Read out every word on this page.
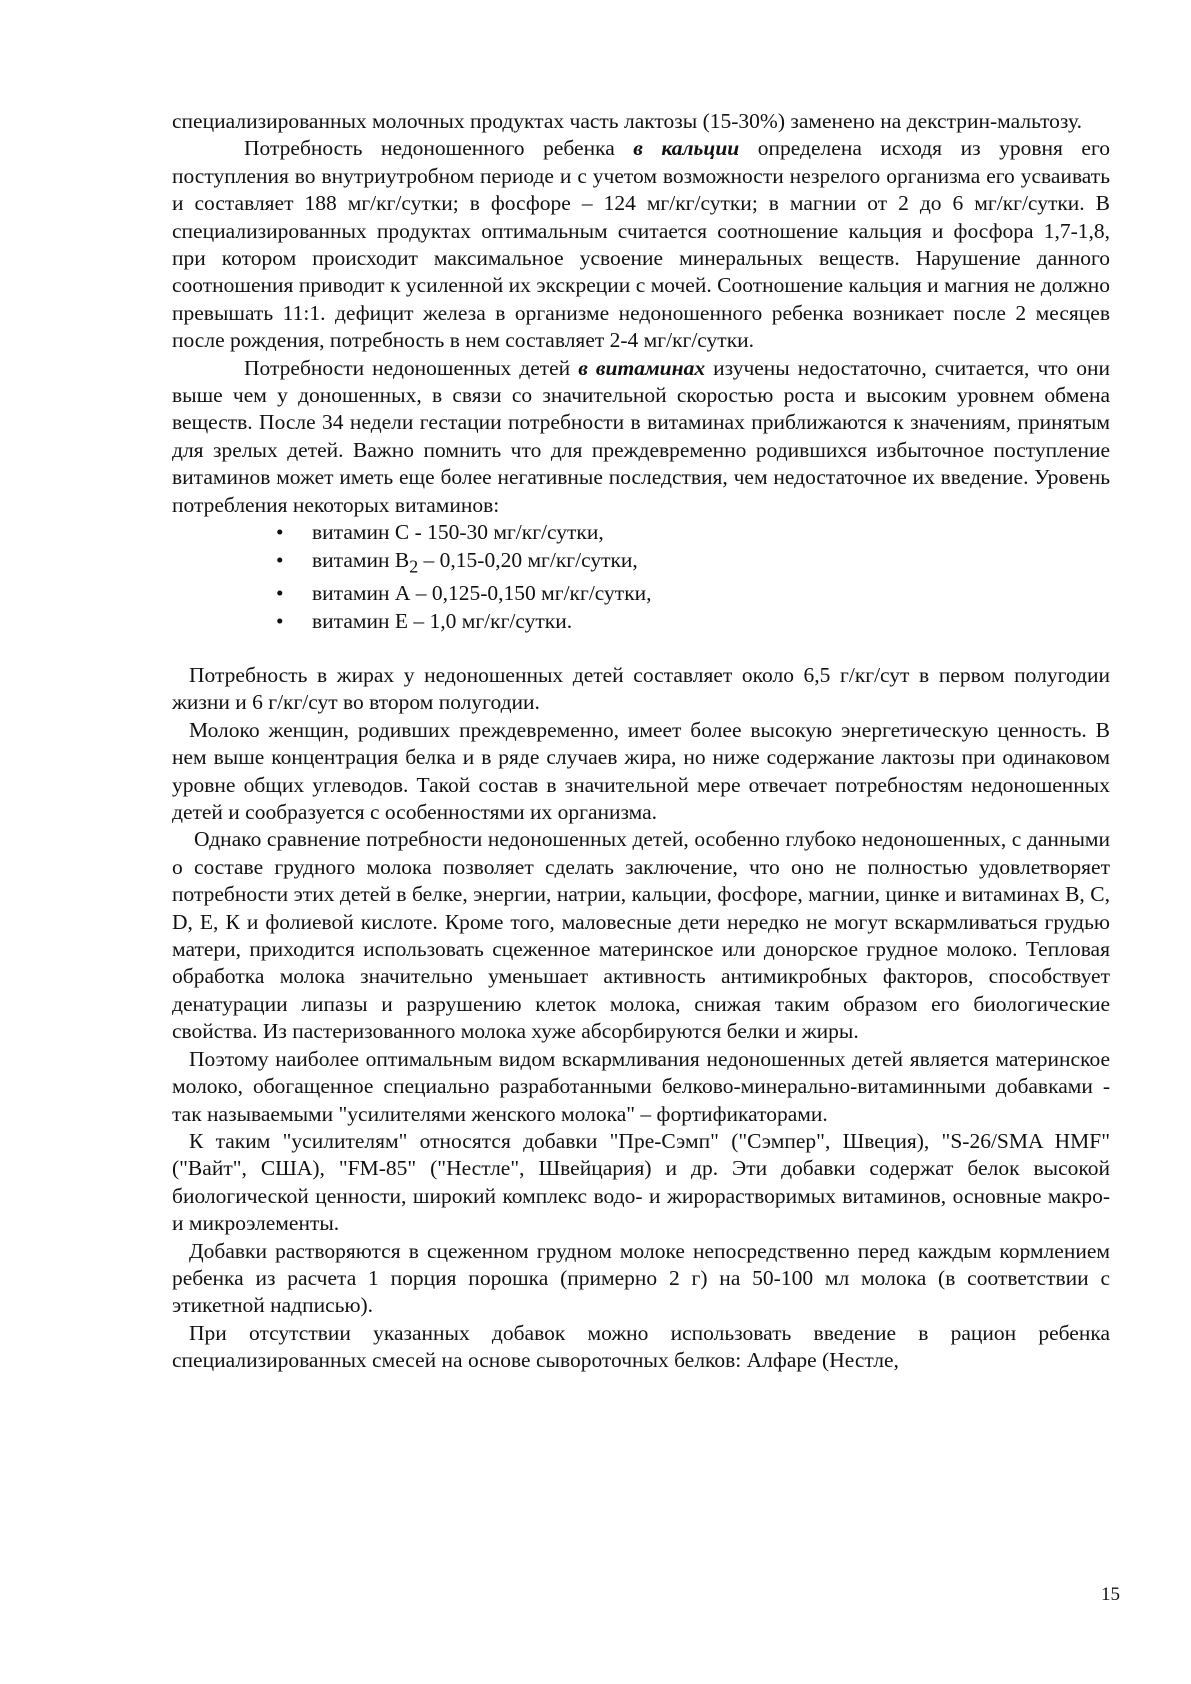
специализированных молочных продуктах часть лактозы (15-30%) заменено на декстрин-мальтозу.

Потребность недоношенного ребенка в кальции определена исходя из уровня его поступления во внутриутробном периоде и с учетом возможности незрелого организма его усваивать и составляет 188 мг/кг/сутки; в фосфоре – 124 мг/кг/сутки; в магнии от 2 до 6 мг/кг/сутки. В специализированных продуктах оптимальным считается соотношение кальция и фосфора 1,7-1,8, при котором происходит максимальное усвоение минеральных веществ. Нарушение данного соотношения приводит к усиленной их экскреции с мочей. Соотношение кальция и магния не должно превышать 11:1. дефицит железа в организме недоношенного ребенка возникает после 2 месяцев после рождения, потребность в нем составляет 2-4 мг/кг/сутки.

Потребности недоношенных детей в витаминах изучены недостаточно, считается, что они выше чем у доношенных, в связи со значительной скоростью роста и высоким уровнем обмена веществ. После 34 недели гестации потребности в витаминах приближаются к значениям, принятым для зрелых детей. Важно помнить что для преждевременно родившихся избыточное поступление витаминов может иметь еще более негативные последствия, чем недостаточное их введение. Уровень потребления некоторых витаминов:

• витамин С - 150-30 мг/кг/сутки,
• витамин $В_2 - 0,15-0,20$ мг/кг/сутки,
• витамин А – 0,125-0,150 мг/кг/сутки,
• витамин Е – 1,0 мг/кг/сутки.

Потребность в жирах у недоношенных детей составляет около 6,5 г/кг/сут в первом полугодии жизни и 6 г/кг/сут во втором полугодии.

Молоко женщин, родивших преждевременно, имеет более высокую энергетическую ценность. В нем выше концентрация белка и в ряде случаев жира, но ниже содержание лактозы при одинаковом уровне общих углеводов. Такой состав в значительной мере отвечает потребностям недоношенных детей и сообразуется с особенностями их организма.

Однако сравнение потребности недоношенных детей, особенно глубоко недоношенных, с данными о составе грудного молока позволяет сделать заключение, что оно не полностью удовлетворяет потребности этих детей в белке, энергии, натрии, кальции, фосфоре, магнии, цинке и витаминах В, С, D, Е, К и фолиевой кислоте. Кроме того, маловесные дети нередко не могут вскармливаться грудью матери, приходится использовать сцеженное материнское или донорское грудное молоко. Тепловая обработка молока значительно уменьшает активность антимикробных факторов, способствует денатурации липазы и разрушению клеток молока, снижая таким образом его биологические свойства. Из пастеризованного молока хуже абсорбируются белки и жиры.

Поэтому наиболее оптимальным видом вскармливания недоношенных детей является материнское молоко, обогащенное специально разработанными белково-минерально-витаминными добавками - так называемыми "усилителями женского молока" – фортификаторами.

К таким "усилителям" относятся добавки "Пре-Сэмп" ("Сэмпер", Швеция), "S-26/SMA HMF" ("Вайт", США), "FM-85" ("Нестле", Швейцария) и др. Эти добавки содержат белок высокой биологической ценности, широкий комплекс водо- и жирорастворимых витаминов, основные макро- и микроэлементы.

Добавки растворяются в сцеженном грудном молоке непосредственно перед каждым кормлением ребенка из расчета 1 порция порошка (примерно 2 г) на 50-100 мл молока (в соответствии с этикетной надписью).

При отсутствии указанных добавок можно использовать введение в рацион ребенка специализированных смесей на основе сывороточных белков: Алфаре (Нестле,

15
